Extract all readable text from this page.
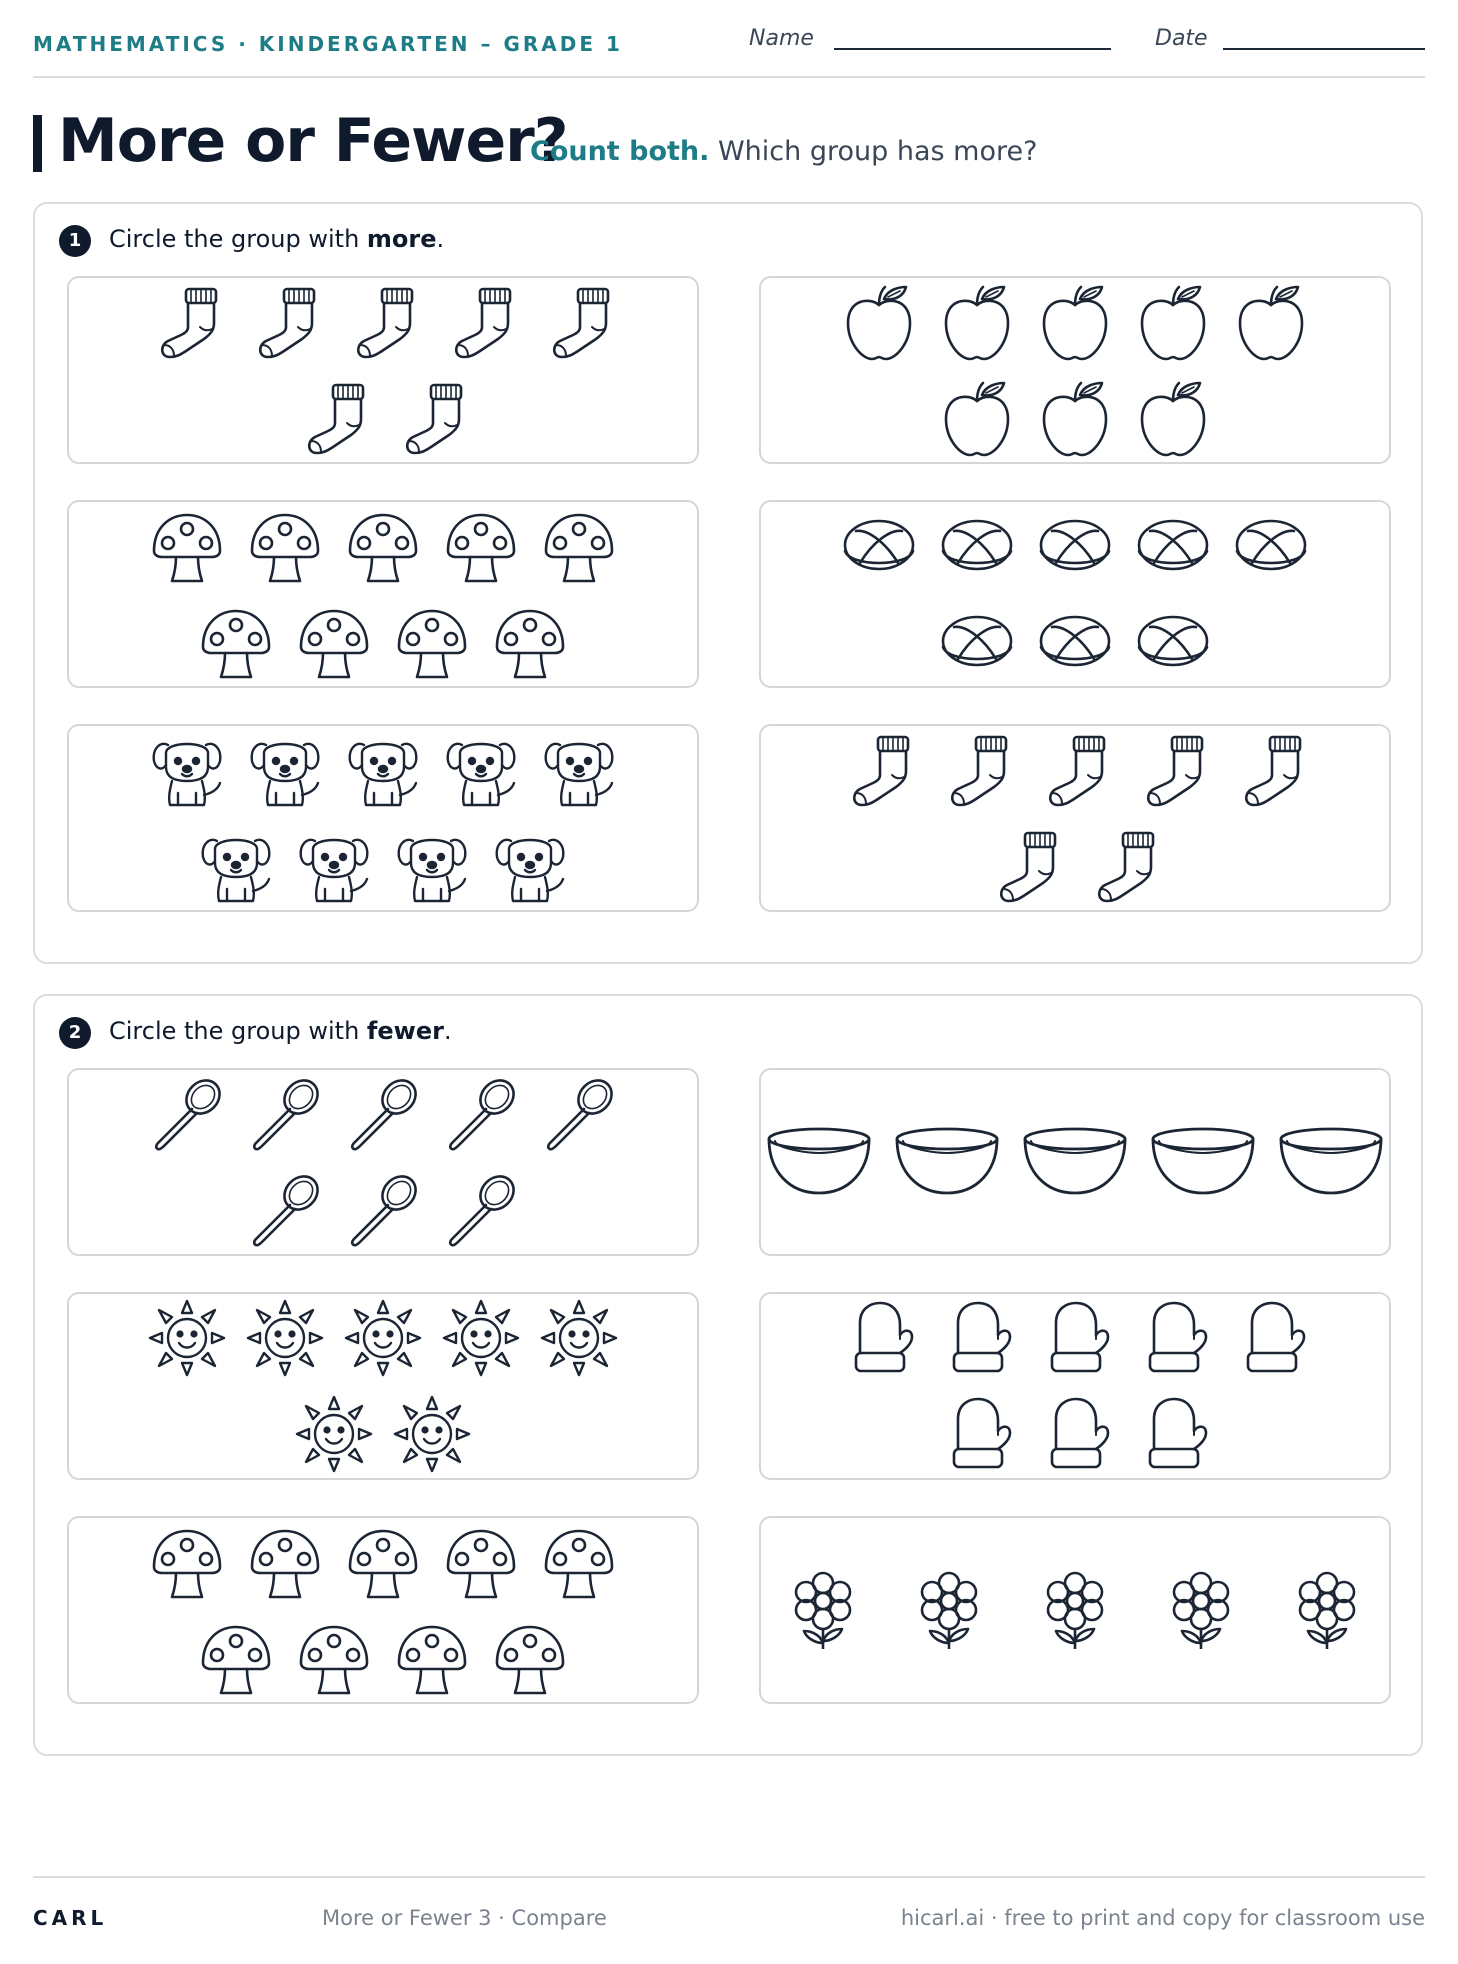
MATHEMATICS · KINDERGARTEN – GRADE 1	Name	Date
More or Fewer?
Count both. Which group has more?
1	Circle the group with more.
2	Circle the group with fewer.
CARL	More or Fewer 3 · Compare	hicarl.ai · free to print and copy for classroom use
